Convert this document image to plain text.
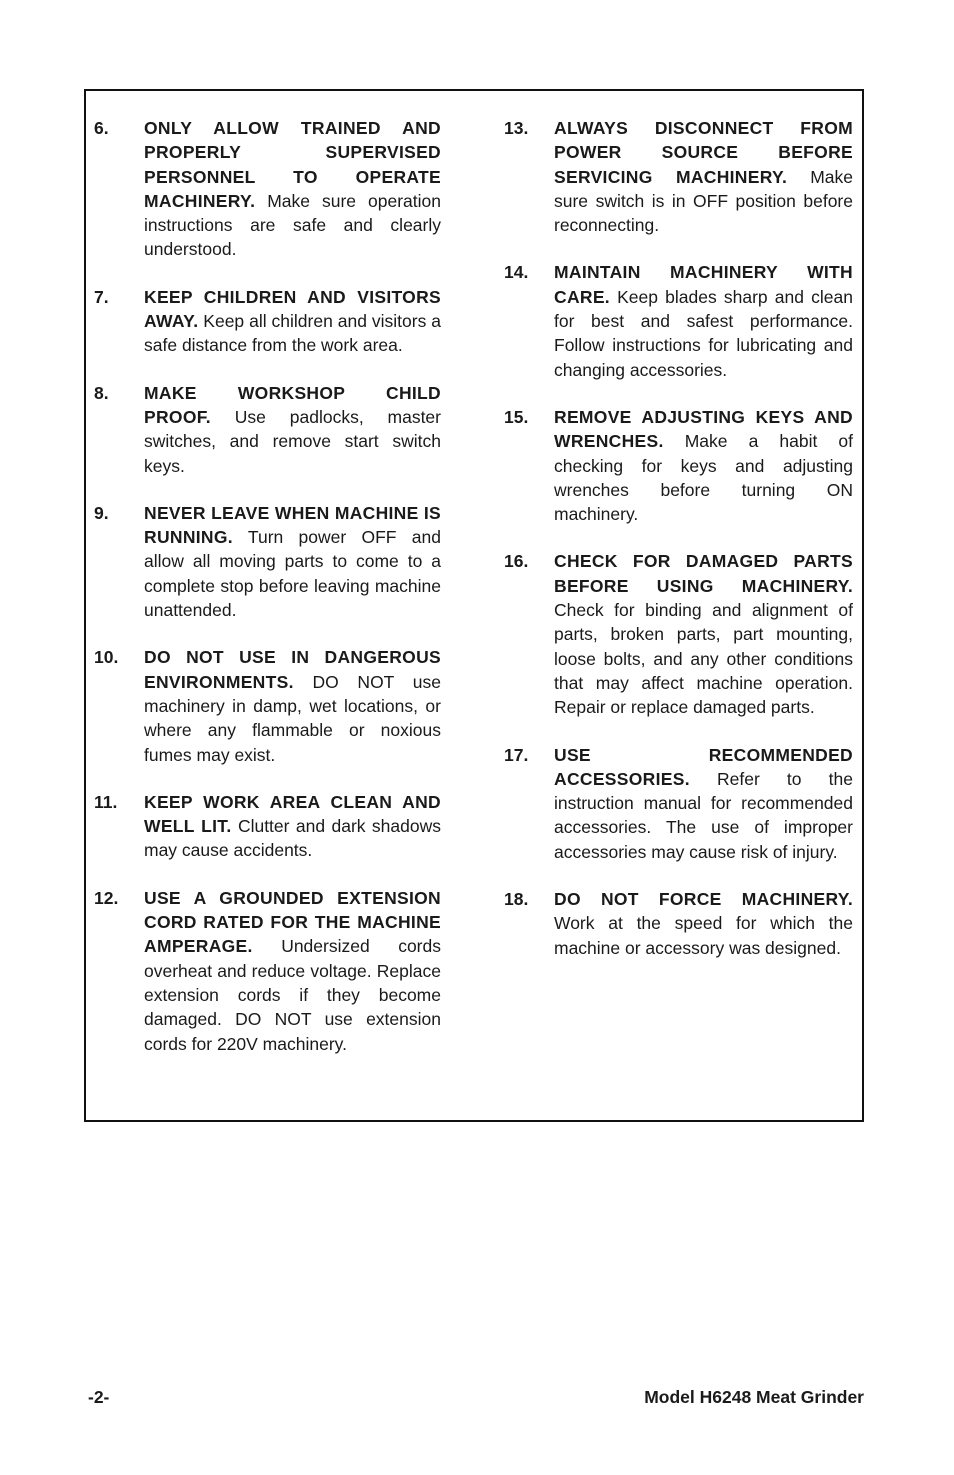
6.	ONLY ALLOW TRAINED AND PROPERLY SUPERVISED PERSONNEL TO OPERATE MACHINERY. Make sure operation instructions are safe and clearly understood.
7.	KEEP CHILDREN AND VISITORS AWAY. Keep all children and visitors a safe distance from the work area.
8.	MAKE WORKSHOP CHILD PROOF. Use padlocks, master switches, and remove start switch keys.
9.	NEVER LEAVE WHEN MACHINE IS RUNNING. Turn power OFF and allow all moving parts to come to a complete stop before leaving machine unattended.
10.	DO NOT USE IN DANGEROUS ENVIRONMENTS. DO NOT use machinery in damp, wet locations, or where any flammable or noxious fumes may exist.
11.	KEEP WORK AREA CLEAN AND WELL LIT. Clutter and dark shadows may cause accidents.
12.	USE A GROUNDED EXTENSION CORD RATED FOR THE MACHINE AMPERAGE. Undersized cords overheat and reduce voltage. Replace extension cords if they become damaged. DO NOT use extension cords for 220V machinery.
13.	ALWAYS DISCONNECT FROM POWER SOURCE BEFORE SERVICING MACHINERY. Make sure switch is in OFF position before reconnecting.
14.	MAINTAIN MACHINERY WITH CARE. Keep blades sharp and clean for best and safest performance. Follow instructions for lubricating and changing accessories.
15.	REMOVE ADJUSTING KEYS AND WRENCHES. Make a habit of checking for keys and adjusting wrenches before turning ON machinery.
16.	CHECK FOR DAMAGED PARTS BEFORE USING MACHINERY. Check for binding and alignment of parts, broken parts, part mounting, loose bolts, and any other conditions that may affect machine operation. Repair or replace damaged parts.
17.	USE RECOMMENDED ACCESSORIES. Refer to the instruction manual for recommended accessories. The use of improper accessories may cause risk of injury.
18.	DO NOT FORCE MACHINERY. Work at the speed for which the machine or accessory was designed.
-2-	Model H6248 Meat Grinder
